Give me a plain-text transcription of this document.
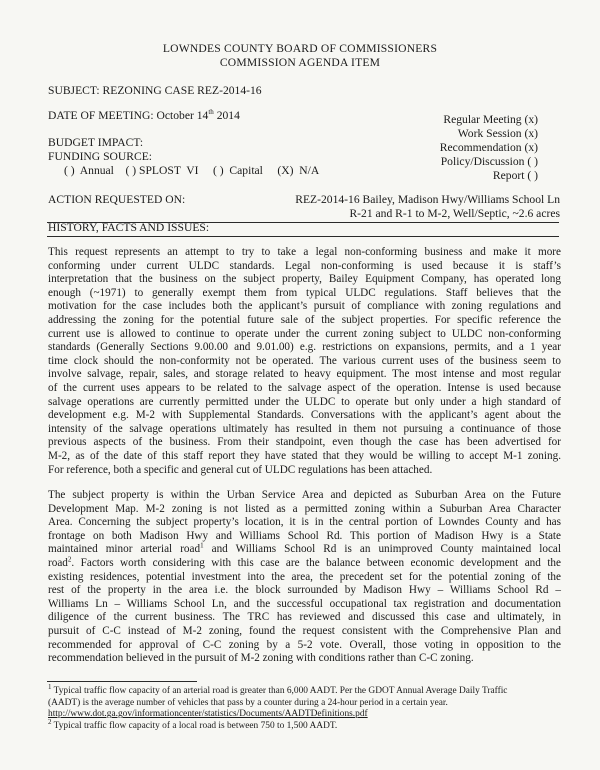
LOWNDES COUNTY BOARD OF COMMISSIONERS
COMMISSION AGENDA ITEM
SUBJECT: REZONING CASE REZ-2014-16
DATE OF MEETING: October 14th 2014	Regular Meeting (x)
Work Session (x)
Recommendation (x)
Policy/Discussion ( )
Report ( )
BUDGET IMPACT:
FUNDING SOURCE:
( )  Annual    ( ) SPLOST  VI     ( )  Capital     (X)  N/A
ACTION REQUESTED ON:	REZ-2014-16 Bailey, Madison Hwy/Williams School Ln
R-21 and R-1 to M-2, Well/Septic, ~2.6 acres
HISTORY, FACTS AND ISSUES:

This request represents an attempt to try to take a legal non-conforming business and make it more

conforming under current ULDC standards. Legal non-conforming is used because it is staff’s

interpretation that the business on the subject property, Bailey Equipment Company, has operated long

enough (~1971) to generally exempt them from typical ULDC regulations. Staff believes that the

motivation for the case includes both the applicant’s pursuit of compliance with zoning regulations and

addressing the zoning for the potential future sale of the subject properties. For specific reference the

current use is allowed to continue to operate under the current zoning subject to ULDC non-conforming

standards (Generally Sections 9.00.00 and 9.01.00) e.g. restrictions on expansions, permits, and a 1 year

time clock should the non-conformity not be operated. The various current uses of the business seem to

involve salvage, repair, sales, and storage related to heavy equipment. The most intense and most regular

of the current uses appears to be related to the salvage aspect of the operation. Intense is used because

salvage operations are currently permitted under the ULDC to operate but only under a high standard of

development e.g. M-2 with Supplemental Standards. Conversations with the applicant’s agent about the

intensity of the salvage operations ultimately has resulted in them not pursuing a continuance of those

previous aspects of the business. From their standpoint, even though the case has been advertised for

M-2, as of the date of this staff report they have stated that they would be willing to accept M-1 zoning.

For reference, both a specific and general cut of ULDC regulations has been attached.

The subject property is within the Urban Service Area and depicted as Suburban Area on the Future

Development Map. M-2 zoning is not listed as a permitted zoning within a Suburban Area Character

Area. Concerning the subject property’s location, it is in the central portion of Lowndes County and has

frontage on both Madison Hwy and Williams School Rd. This portion of Madison Hwy is a State

maintained minor arterial road$^1$ and Williams School Rd is an unimproved County maintained local

road$^2$. Factors worth considering with this case are the balance between economic development and the

existing residences, potential investment into the area, the precedent set for the potential zoning of the

rest of the property in the area i.e. the block surrounded by Madison Hwy – Williams School Rd –

Williams Ln – Williams School Ln, and the successful occupational tax registration and documentation

diligence of the current business. The TRC has reviewed and discussed this case and ultimately, in

pursuit of C-C instead of M-2 zoning, found the request consistent with the Comprehensive Plan and

recommended for approval of C-C zoning by a 5-2 vote. Overall, those voting in opposition to the

recommendation believed in the pursuit of M-2 zoning with conditions rather than C-C zoning.

$^1$ Typical traffic flow capacity of an arterial road is greater than 6,000 AADT. Per the GDOT Annual Average Daily Traffic

(AADT) is the average number of vehicles that pass by a counter during a 24-hour period in a certain year.

http://www.dot.ga.gov/informationcenter/statistics/Documents/AADTDefinitions.pdf

$^2$ Typical traffic flow capacity of a local road is between 750 to 1,500 AADT.
